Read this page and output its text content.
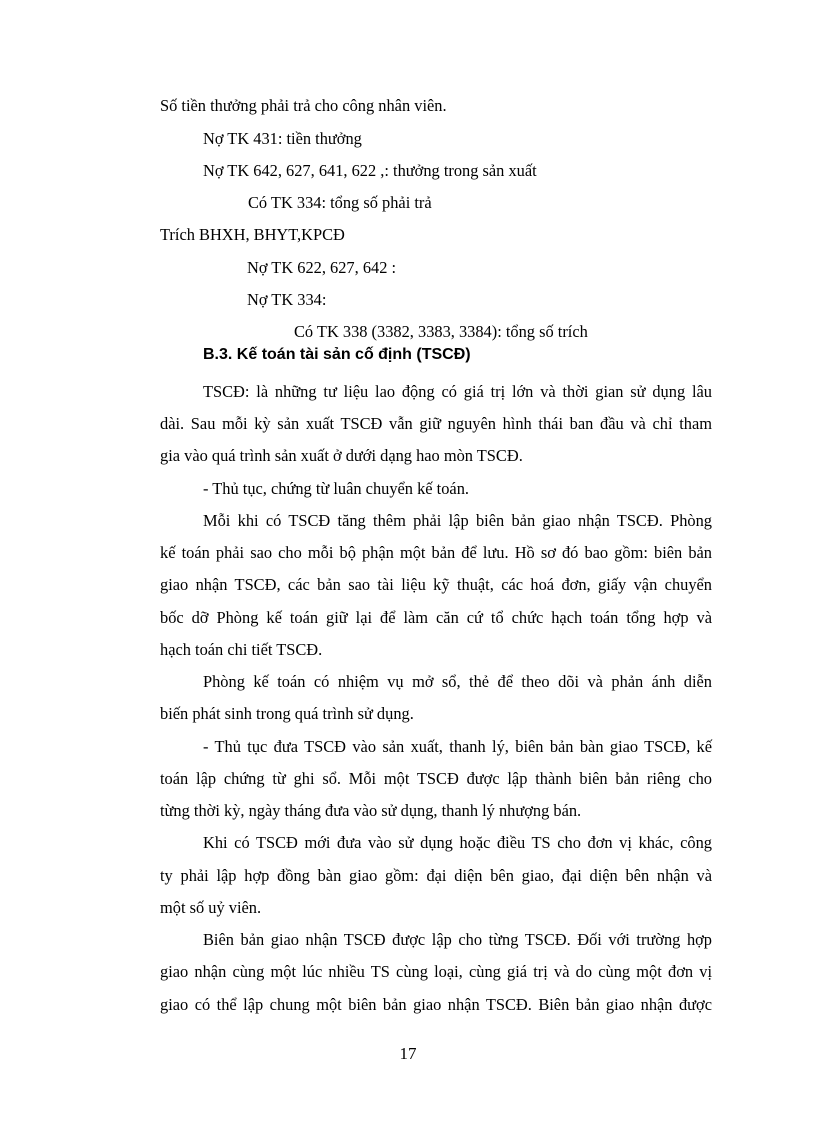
Số tiền thưởng phải trả cho công nhân viên.
Nợ TK 431: tiền thưởng
Nợ TK 642, 627, 641, 622 ,: thưởng trong sản xuất
Có TK 334: tổng số phải trả
Trích BHXH, BHYT,KPCĐ
Nợ TK 622, 627, 642 :
Nợ TK 334:
Có TK 338 (3382, 3383, 3384): tổng số trích
B.3. Kế toán tài sản cố định (TSCĐ)
TSCĐ: là những tư liệu lao động có giá trị lớn và thời gian sử dụng lâu
dài. Sau mỗi kỳ sản xuất TSCĐ vẫn giữ nguyên hình thái ban đầu và chỉ tham
gia vào quá trình sản xuất ở dưới dạng hao mòn TSCĐ.
- Thủ tục, chứng từ luân chuyển kế toán.
Mỗi khi có TSCĐ tăng thêm phải lập biên bản giao nhận TSCĐ. Phòng
kế toán phải sao cho mỗi bộ phận một bản để lưu. Hồ sơ đó bao gồm: biên bản
giao nhận TSCĐ, các bản sao tài liệu kỹ thuật, các hoá đơn, giấy vận chuyển
bốc dỡ Phòng kế toán giữ lại để làm căn cứ tổ chức hạch toán tổng hợp và
hạch toán chi tiết TSCĐ.
Phòng kế toán có nhiệm vụ mở sổ, thẻ để theo dõi và phản ánh diễn
biến phát sinh trong quá trình sử dụng.
- Thủ tục đưa TSCĐ vào sản xuất, thanh lý, biên bản bàn giao TSCĐ, kế
toán lập chứng từ ghi sổ. Mỗi một TSCĐ được lập thành biên bản riêng cho
từng thời kỳ, ngày tháng đưa vào sử dụng, thanh lý nhượng bán.
Khi có TSCĐ mới đưa vào sử dụng hoặc điều TS cho đơn vị khác, công
ty phải lập hợp đồng bàn giao gồm: đại diện bên giao, đại diện bên nhận và
một số uỷ viên.
Biên bản giao nhận TSCĐ được lập cho từng TSCĐ. Đối với trường hợp
giao nhận cùng một lúc nhiều TS cùng loại, cùng giá trị và do cùng một đơn vị
giao có thể lập chung một biên bản giao nhận TSCĐ. Biên bản giao nhận được
17
